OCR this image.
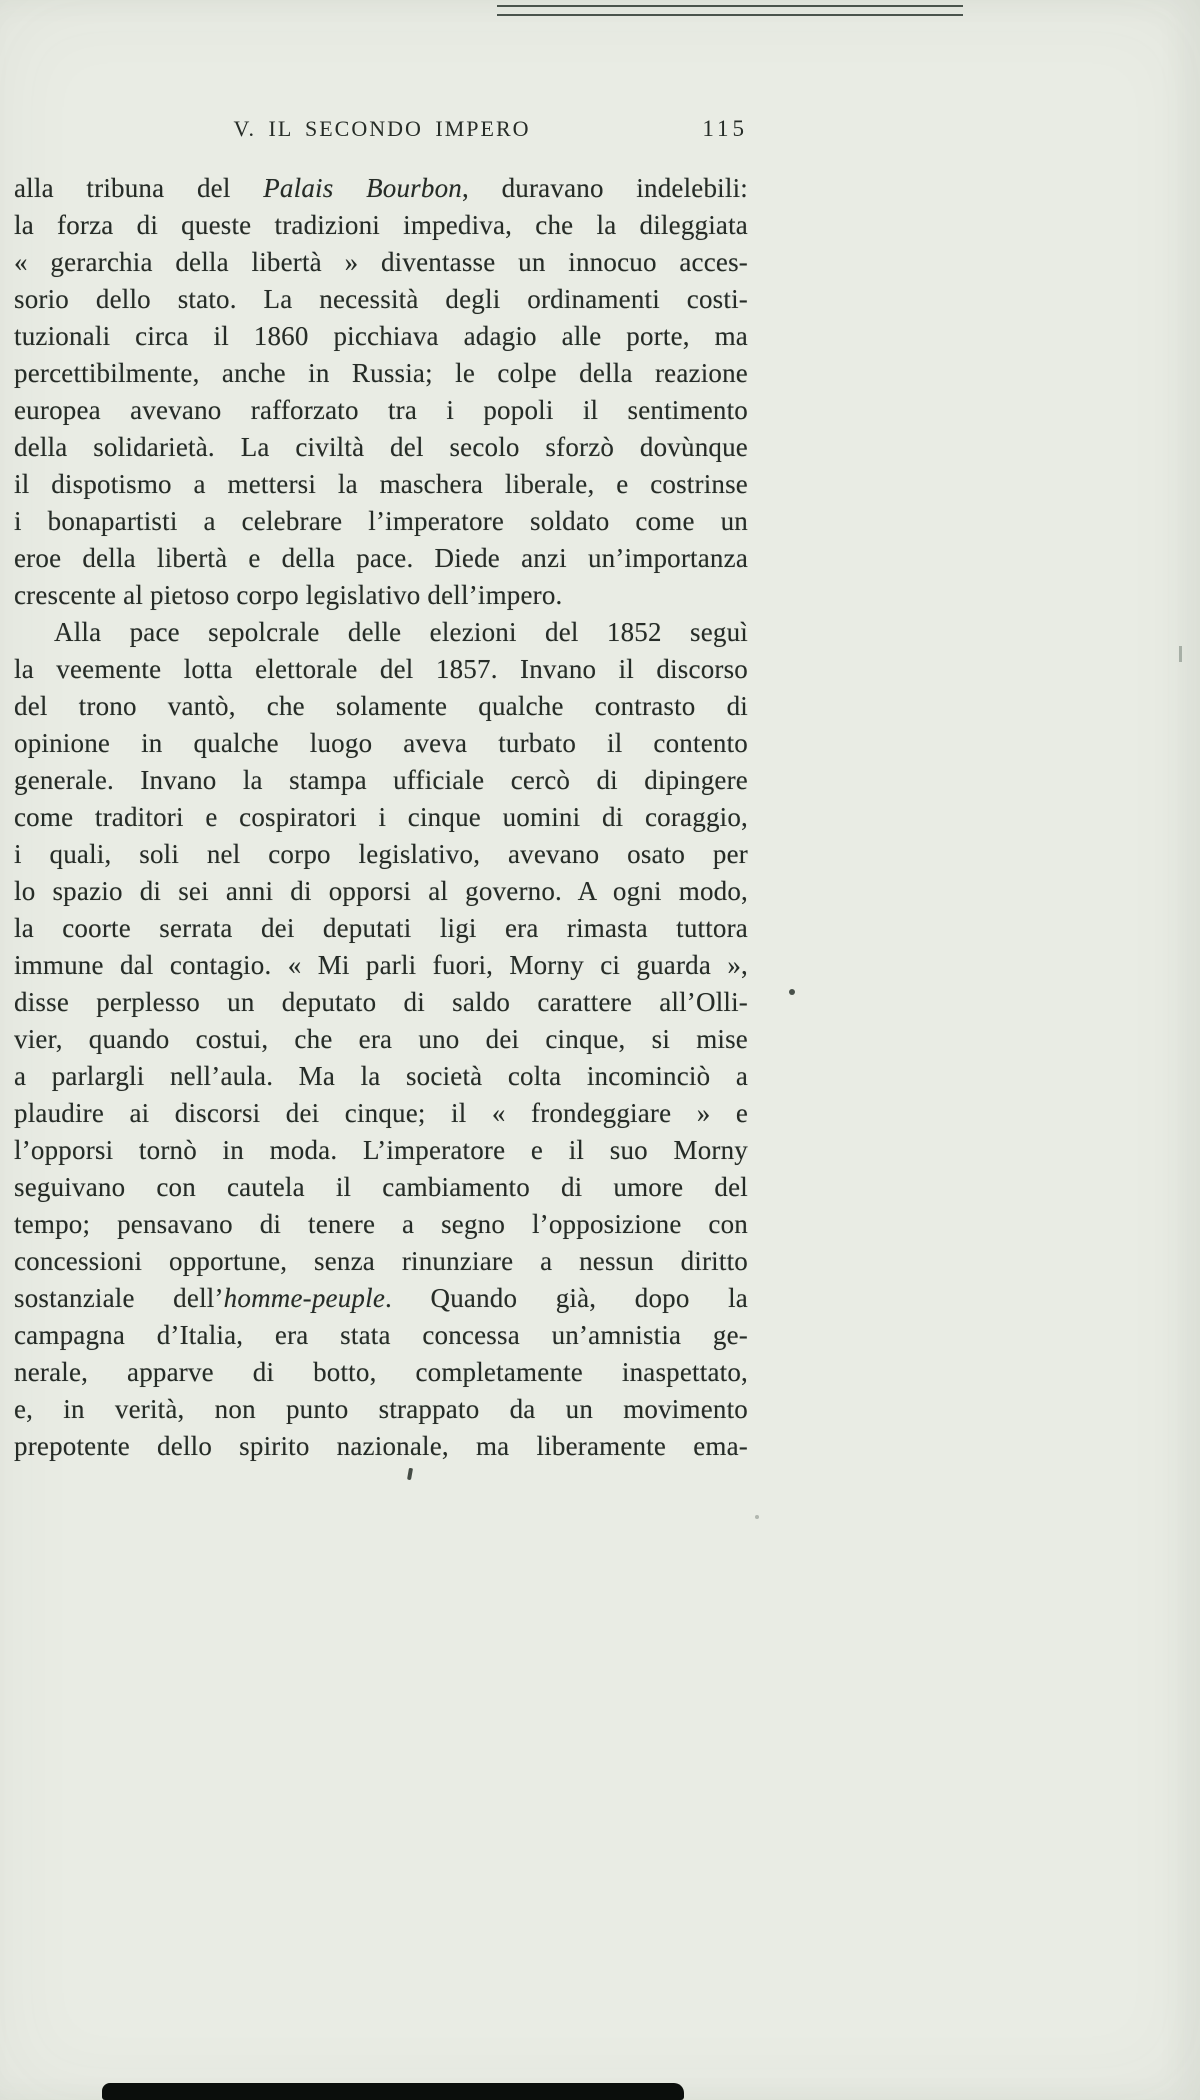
V. IL SECONDO IMPERO	115
alla tribuna del Palais Bourbon, duravano indelebili:
la forza di queste tradizioni impediva, che la dileggiata
« gerarchia della libertà » diventasse un innocuo acces-
sorio dello stato. La necessità degli ordinamenti costi-
tuzionali circa il 1860 picchiava adagio alle porte, ma
percettibilmente, anche in Russia; le colpe della reazione
europea avevano rafforzato tra i popoli il sentimento
della solidarietà. La civiltà del secolo sforzò dovùnque
il dispotismo a mettersi la maschera liberale, e costrinse
i bonapartisti a celebrare l’imperatore soldato come un
eroe della libertà e della pace. Diede anzi un’importanza
crescente al pietoso corpo legislativo dell’impero.
Alla pace sepolcrale delle elezioni del 1852 seguì
la veemente lotta elettorale del 1857. Invano il discorso
del trono vantò, che solamente qualche contrasto di
opinione in qualche luogo aveva turbato il contento
generale. Invano la stampa ufficiale cercò di dipingere
come traditori e cospiratori i cinque uomini di coraggio,
i quali, soli nel corpo legislativo, avevano osato per
lo spazio di sei anni di opporsi al governo. A ogni modo,
la coorte serrata dei deputati ligi era rimasta tuttora
immune dal contagio. « Mi parli fuori, Morny ci guarda »,
disse perplesso un deputato di saldo carattere all’Olli-
vier, quando costui, che era uno dei cinque, si mise
a parlargli nell’aula. Ma la società colta incominciò a
plaudire ai discorsi dei cinque; il « frondeggiare » e
l’opporsi tornò in moda. L’imperatore e il suo Morny
seguivano con cautela il cambiamento di umore del
tempo; pensavano di tenere a segno l’opposizione con
concessioni opportune, senza rinunziare a nessun diritto
sostanziale dell’homme-peuple. Quando già, dopo la
campagna d’Italia, era stata concessa un’amnistia ge-
nerale, apparve di botto, completamente inaspettato,
e, in verità, non punto strappato da un movimento
prepotente dello spirito nazionale, ma liberamente ema-
